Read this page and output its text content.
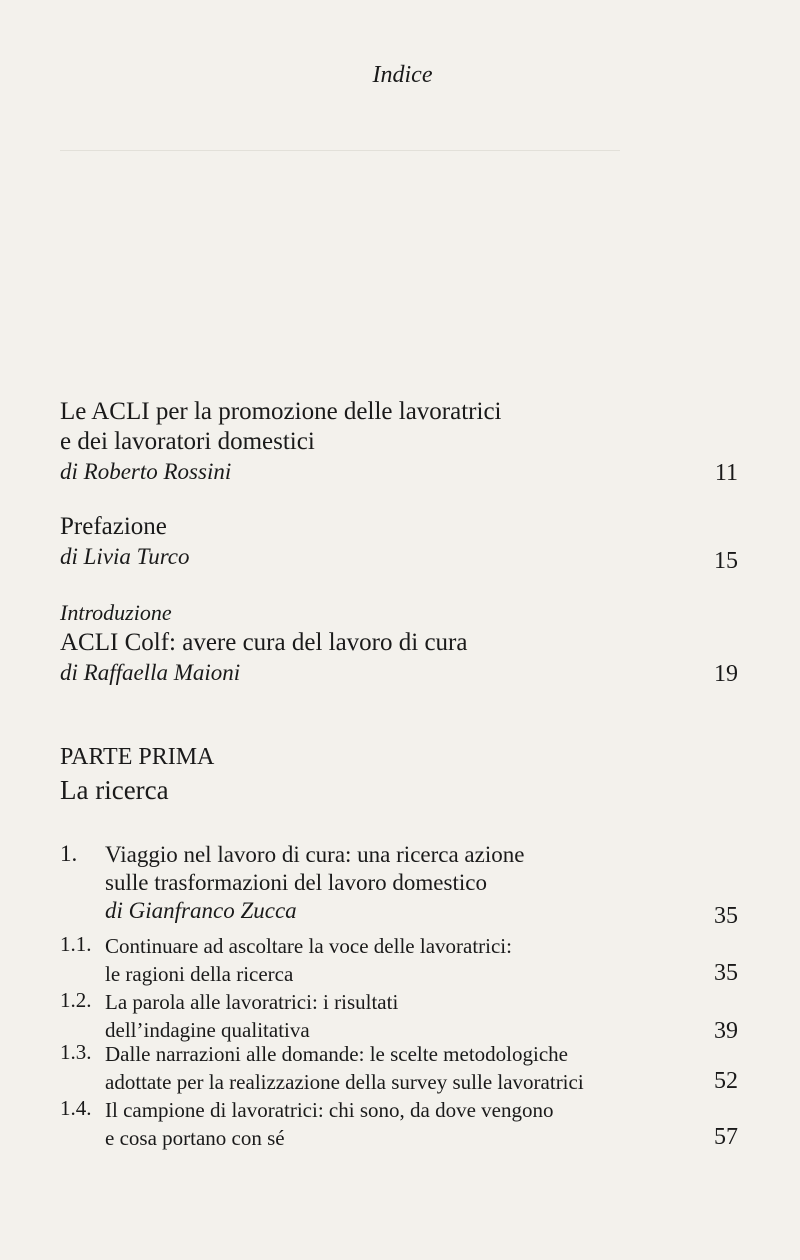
Indice
Le ACLI per la promozione delle lavoratrici
e dei lavoratori domestici
di Roberto Rossini	11
Prefazione
di Livia Turco	15
Introduzione
ACLI Colf: avere cura del lavoro di cura
di Raffaella Maioni	19
PARTE PRIMA
La ricerca
1. Viaggio nel lavoro di cura: una ricerca azione
sulle trasformazioni del lavoro domestico
di Gianfranco Zucca	35
1.1. Continuare ad ascoltare la voce delle lavoratrici:
le ragioni della ricerca	35
1.2. La parola alle lavoratrici: i risultati
dell’indagine qualitativa	39
1.3. Dalle narrazioni alle domande: le scelte metodologiche
adottate per la realizzazione della survey sulle lavoratrici	52
1.4. Il campione di lavoratrici: chi sono, da dove vengono
e cosa portano con sé	57
